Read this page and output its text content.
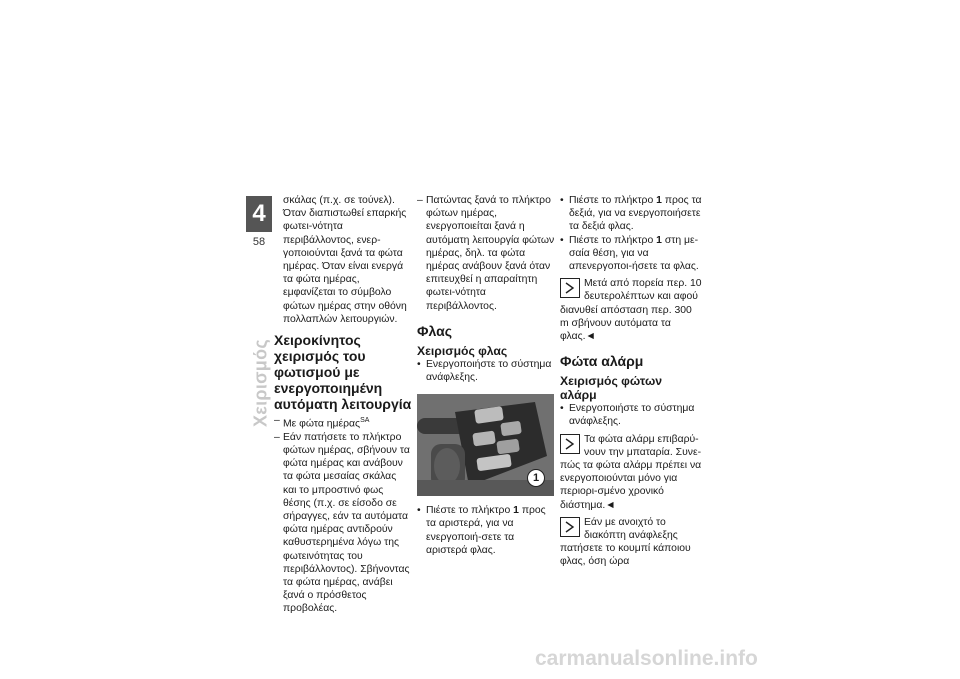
4
58
Χειρισμός

σκάλας (π.χ. σε τούνελ). Όταν διαπιστωθεί επαρκής φωτει-νότητα περιβάλλοντος, ενερ-γοποιούνται ξανά τα φώτα ημέρας. Όταν είναι ενεργά τα φώτα ημέρας, εμφανίζεται το σύμβολο φώτων ημέρας στην οθόνη πολλαπλών λειτουργιών.

Χειροκίνητος χειρισμός του φωτισμού με ενεργοποιημένη αυτόματη λειτουργία
– Με φώτα ημέρας$^{SA}$
– Εάν πατήσετε το πλήκτρο φώτων ημέρας, σβήνουν τα φώτα ημέρας και ανάβουν τα φώτα μεσαίας σκάλας και το μπροστινό φως θέσης (π.χ. σε είσοδο σε σήραγγες, εάν τα αυτόματα φώτα ημέρας αντιδρούν καθυστερημένα λόγω της φωτεινότητας του περιβάλλοντος). Σβήνοντας τα φώτα ημέρας, ανάβει ξανά ο πρόσθετος προβολέας.
– Πατώντας ξανά το πλήκτρο φώτων ημέρας, ενεργοποιείται ξανά η αυτόματη λειτουργία φώτων ημέρας, δηλ. τα φώτα ημέρας ανάβουν ξανά όταν επιτευχθεί η απαραίτητη φωτει-νότητα περιβάλλοντος.
Φλας
Χειρισμός φλας
• Ενεργοποιήστε το σύστημα ανάφλεξης.
1
• Πιέστε το πλήκτρο 1 προς τα αριστερά, για να ενεργοποιή-σετε τα αριστερά φλας.
• Πιέστε το πλήκτρο 1 προς τα δεξιά, για να ενεργοποιήσετε τα δεξιά φλας.
• Πιέστε το πλήκτρο 1 στη με-σαία θέση, για να απενεργοποι-ήσετε τα φλας.
Μετά από πορεία περ. 10 δευτερολέπτων και αφού διανυθεί απόσταση περ. 300 m σβήνουν αυτόματα τα φλας.◄
Φώτα αλάρμ
Χειρισμός φώτων αλάρμ
• Ενεργοποιήστε το σύστημα ανάφλεξης.
Τα φώτα αλάρμ επιβαρύ-νουν την μπαταρία. Συνε-πώς τα φώτα αλάρμ πρέπει να ενεργοποιούνται μόνο για περιορι-σμένο χρονικό διάστημα.◄
Εάν με ανοιχτό το διακόπτη ανάφλεξης πατήσετε το κουμπί κάποιου φλας, όση ώρα
carmanualsonline.info
